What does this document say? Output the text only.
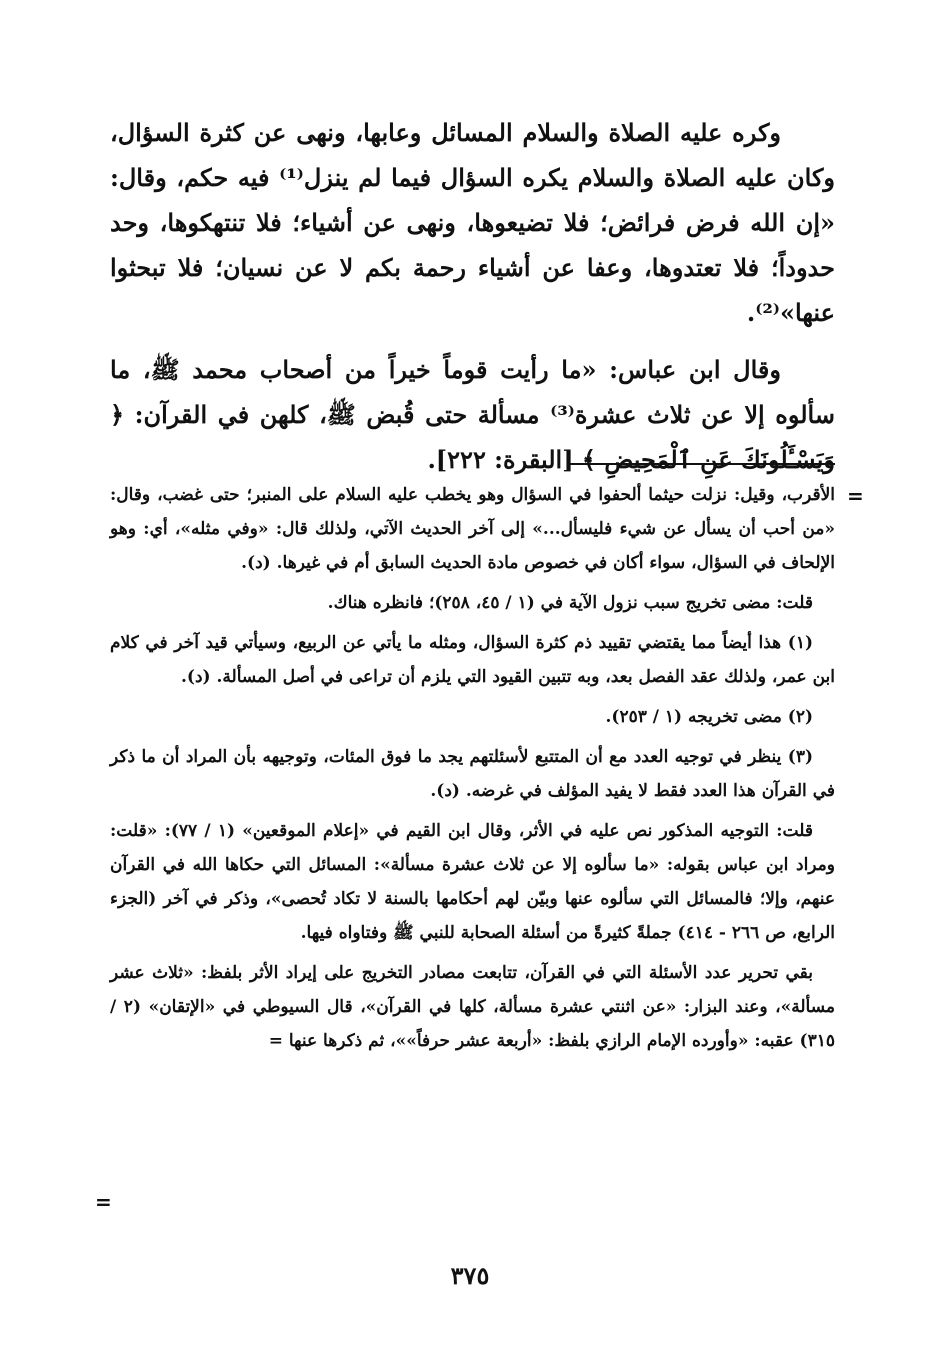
وكره عليه الصلاة والسلام المسائل وعابها، ونهى عن كثرة السؤال، وكان عليه الصلاة والسلام يكره السؤال فيما لم ينزل⁽¹⁾ فيه حكم، وقال: «إن الله فرض فرائض؛ فلا تضيعوها، ونهى عن أشياء؛ فلا تنتهكوها، وحد حدوداً؛ فلا تعتدوها، وعفا عن أشياء رحمة بكم لا عن نسيان؛ فلا تبحثوا عنها»⁽²⁾.

وقال ابن عباس: «ما رأيت قوماً خيراً من أصحاب محمد ﷺ، ما سألوه إلا عن ثلاث عشرة⁽³⁾ مسألة حتى قُبض ﷺ، كلهن في القرآن: ﴿ وَيَسْـَٔلُونَكَ عَنِ ٱلْمَحِيضِ ﴾ [البقرة: ٢٢٢].

=

الأقرب، وقيل: نزلت حيثما ألحفوا في السؤال وهو يخطب عليه السلام على المنبر؛ حتى غضب، وقال: «من أحب أن يسأل عن شيء فليسأل...» إلى آخر الحديث الآتي، ولذلك قال: «وفي مثله»، أي: وهو الإلحاف في السؤال، سواء أكان في خصوص مادة الحديث السابق أم في غيرها. (د).

قلت: مضى تخريج سبب نزول الآية في (١ / ٤٥، ٢٥٨)؛ فانظره هناك.

(١) هذا أيضاً مما يقتضي تقييد ذم كثرة السؤال، ومثله ما يأتي عن الربيع، وسيأتي قيد آخر في كلام ابن عمر، ولذلك عقد الفصل بعد، وبه تتبين القيود التي يلزم أن تراعى في أصل المسألة. (د).

(٢) مضى تخريجه (١ / ٢٥٣).

(٣) ينظر في توجيه العدد مع أن المتتبع لأسئلتهم يجد ما فوق المئات، وتوجيهه بأن المراد أن ما ذكر في القرآن هذا العدد فقط لا يفيد المؤلف في غرضه. (د).

قلت: التوجيه المذكور نص عليه في الأثر، وقال ابن القيم في «إعلام الموقعين» (١ / ٧٧): «قلت: ومراد ابن عباس بقوله: «ما سألوه إلا عن ثلاث عشرة مسألة»: المسائل التي حكاها الله في القرآن عنهم، وإلا؛ فالمسائل التي سألوه عنها وبيّن لهم أحكامها بالسنة لا تكاد تُحصى»، وذكر في آخر (الجزء الرابع، ص ٢٦٦ - ٤١٤) جملةً كثيرةً من أسئلة الصحابة للنبي ﷺ وفتاواه فيها.

بقي تحرير عدد الأسئلة التي في القرآن، تتابعت مصادر التخريج على إيراد الأثر بلفظ: «ثلاث عشر مسألة»، وعند البزار: «عن اثنتي عشرة مسألة، كلها في القرآن»، قال السيوطي في «الإتقان» (٢ / ٣١٥) عقبه: «وأورده الإمام الرازي بلفظ: «أربعة عشر حرفاً»»، ثم ذكرها عنها =

=
٣٧٥
